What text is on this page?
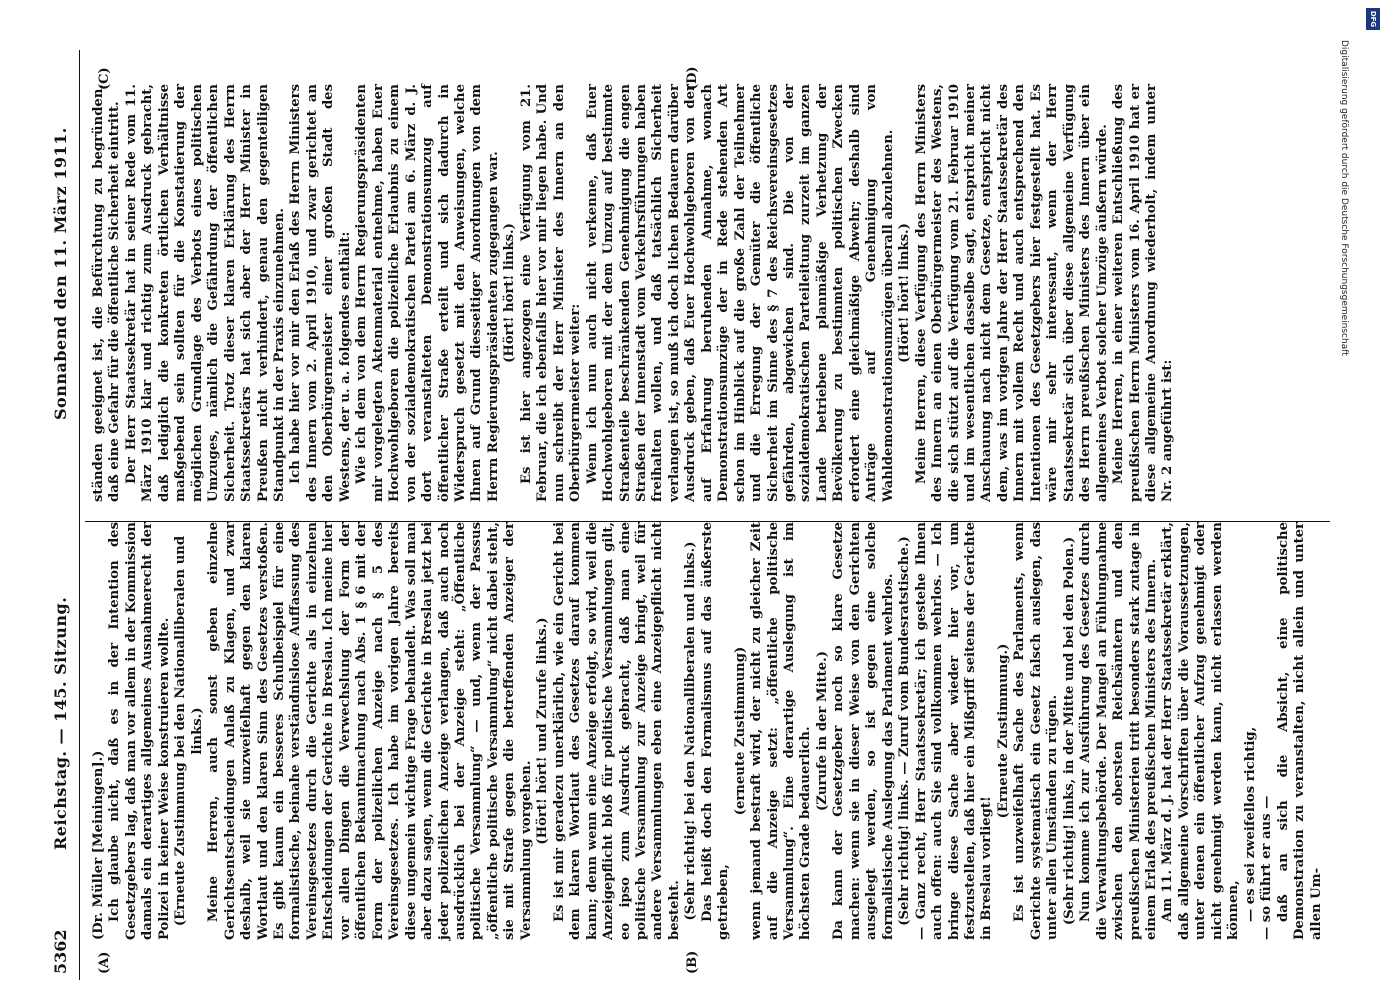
5362
Reichstag. — 145. Sitzung.
Sonnabend den 11. März 1911.
(A)	(B)
(C)	(D)

(Dr. Müller [Meiningen].) Ich glaube nicht, daß es in der Intention des Gesetzgebers lag, daß man vor allem in der Kommission damals ein derartiges allgemeines Ausnahmerecht der Polizei in keiner Weise konstruieren wollte. (Erneute Zustimmung bei den Nationalliberalen und links.) Meine Herren, auch sonst geben einzelne Gerichtsentscheidungen Anlaß zu Klagen, und zwar deshalb, weil sie unzweifelhaft gegen den klaren Wortlaut und den klaren Sinn des Gesetzes verstoßen. Es gibt kaum ein besseres Schulbeispiel für eine formalistische, beinahe verständnislose Auffassung des Vereinsgesetzes durch die Gerichte als in einzelnen Entscheidungen der Gerichte in Breslau. Ich meine hier vor allen Dingen die Verwechslung der Form der öffentlichen Bekanntmachung nach Abs. 1 § 6 mit der Form der polizeilichen Anzeige nach § 5 des Vereinsgesetzes. Ich habe im vorigen Jahre bereits diese ungemein wichtige Frage behandelt. Was soll man aber dazu sagen, wenn die Gerichte in Breslau jetzt bei jeder polizeilichen Anzeige verlangen, daß auch noch ausdrücklich bei der Anzeige steht: „Öffentliche politische Versammlung“ — und, wenn der Passus „öffentliche politische Versammlung“ nicht dabei steht, sie mit Strafe gegen die betreffenden Anzeiger der Versammlung vorgehen.

(Hört! hört! und Zurufe links.) Es ist mir geradezu unerklärlich, wie ein Gericht bei dem klaren Wortlaut des Gesetzes darauf kommen kann; denn wenn eine Anzeige erfolgt, so wird, weil die Anzeigepflicht bloß für politische Versammlungen gilt, eo ipso zum Ausdruck gebracht, daß man eine politische Versammlung zur Anzeige bringt, weil für andere Versammlungen eben eine Anzeigepflicht nicht besteht. (Sehr richtig! bei den Nationalliberalen und links.) Das heißt doch den Formalismus auf das äußerste getrieben,

(erneute Zustimmung) wenn jemand bestraft wird, der nicht zu gleicher Zeit auf die Anzeige setzt: „öffentliche politische Versammlung“. Eine derartige Auslegung ist im höchsten Grade bedauerlich. (Zurufe in der Mitte.) Da kann der Gesetzgeber noch so klare Gesetze machen: wenn sie in dieser Weise von den Gerichten ausgelegt werden, so ist gegen eine solche formalistische Auslegung das Parlament wehrlos. (Sehr richtig! links. — Zuruf vom Bundesratstische.) — Ganz recht, Herr Staatssekretär; ich gestehe Ihnen auch offen: auch Sie sind vollkommen wehrlos. — Ich bringe diese Sache aber wieder hier vor, um festzustellen, daß hier ein Mißgriff seitens der Gerichte in Breslau vorliegt!

(Erneute Zustimmung.) Es ist unzweifelhaft Sache des Parlaments, wenn Gerichte systematisch ein Gesetz falsch auslegen, das unter allen Umständen zu rügen. (Sehr richtig! links, in der Mitte und bei den Polen.) Nun komme ich zur Ausführung des Gesetzes durch die Verwaltungsbehörde. Der Mangel an Fühlungnahme zwischen den obersten Reichsämtern und den preußischen Ministerien tritt besonders stark zutage in einem Erlaß des preußischen Ministers des Innern. Am 11. März d. J. hat der Herr Staatssekretär erklärt, daß allgemeine Vorschriften über die Voraussetzungen, unter denen ein öffentlicher Aufzug genehmigt oder nicht genehmigt werden kann, nicht erlassen werden können, — es sei zweifellos richtig, — so führt er aus — daß an sich die Absicht, eine politische Demonstration zu veranstalten, nicht allein und unter allen Um-

ständen geeignet ist, die Befürchtung zu begründen, daß eine Gefahr für die öffentliche Sicherheit eintritt. Der Herr Staatssekretär hat in seiner Rede vom 11. März 1910 klar und richtig zum Ausdruck gebracht, daß lediglich die konkreten örtlichen Verhältnisse maßgebend sein sollten für die Konstatierung der möglichen Grundlage des Verbots eines politischen Umzuges, nämlich die Gefährdung der öffentlichen Sicherheit. Trotz dieser klaren Erklärung des Herrn Staatssekretärs hat sich aber der Herr Minister in Preußen nicht verhindert, genau den gegenteiligen Standpunkt in der Praxis einzunehmen. Ich habe hier vor mir den Erlaß des Herrn Ministers des Innern vom 2. April 1910, und zwar gerichtet an den Oberbürgermeister einer großen Stadt des Westens, der u. a. folgendes enthält: Wie ich dem von dem Herrn Regierungspräsidenten mir vorgelegten Aktenmaterial entnehme, haben Euer Hochwohlgeboren die polizeiliche Erlaubnis zu einem von der sozialdemokratischen Partei am 6. März d. J. dort veranstalteten Demonstrationsumzug auf öffentlicher Straße erteilt und sich dadurch in Widerspruch gesetzt mit den Anweisungen, welche Ihnen auf Grund diesseitiger Anordnungen von dem Herrn Regierungspräsidenten zugegangen war. (Hört! hört! links.) Es ist hier angezogen eine Verfügung vom 21. Februar, die ich ebenfalls hier vor mir liegen habe. Und nun schreibt der Herr Minister des Innern an den Oberbürgermeister weiter: Wenn ich nun auch nicht verkenne, daß Euer Hochwohlgeboren mit der dem Umzug auf bestimmte Straßenteile beschränkenden Genehmigung die engen Straßen der Innenstadt vom Verkehrsführungen haben freihalten wollen, und daß tatsächlich Sicherheit verlangen ist, so muß ich doch lichen Bedauern darüber Ausdruck geben, daß Euer Hochwohlgeboren von der auf Erfahrung beruhenden Annahme, wonach Demonstrationsumzüge der in Rede stehenden Art schon im Hinblick auf die große Zahl der Teilnehmer und die Erregung der Gemüter die öffentliche Sicherheit im Sinne des § 7 des Reichsvereinsgesetzes gefährden, abgewichen sind. Die von der sozialdemokratischen Parteileitung zurzeit im ganzen Lande betriebene planmäßige Verhetzung der Bevölkerung zu bestimmten politischen Zwecken erfordert eine gleichmäßige Abwehr; deshalb sind Anträge auf Genehmigung von Wahldemonstrationsumzügen überall abzulehnen. (Hört! hört! links.) Meine Herren, diese Verfügung des Herrn Ministers des Innern an einen Oberbürgermeister des Westens, die sich stützt auf die Verfügung vom 21. Februar 1910 und im wesentlichen dasselbe sagt, entspricht meiner Anschauung nach nicht dem Gesetze, entspricht nicht dem, was im vorigen Jahre der Herr Staatssekretär des Innern mit vollem Recht und auch entsprechend den Intentionen des Gesetzgebers hier festgestellt hat. Es wäre mir sehr interessant, wenn der Herr Staatssekretär sich über diese allgemeine Verfügung des Herrn preußischen Ministers des Innern über ein allgemeines Verbot solcher Umzüge äußern würde. Meine Herren, in einer weiteren Entschließung des preußischen Herrn Ministers vom 16. April 1910 hat er diese allgemeine Anordnung wiederholt, indem unter Nr. 2 angeführt ist:

DFG
Digitalisierung gefördert durch die Deutsche Forschungsgemeinschaft
